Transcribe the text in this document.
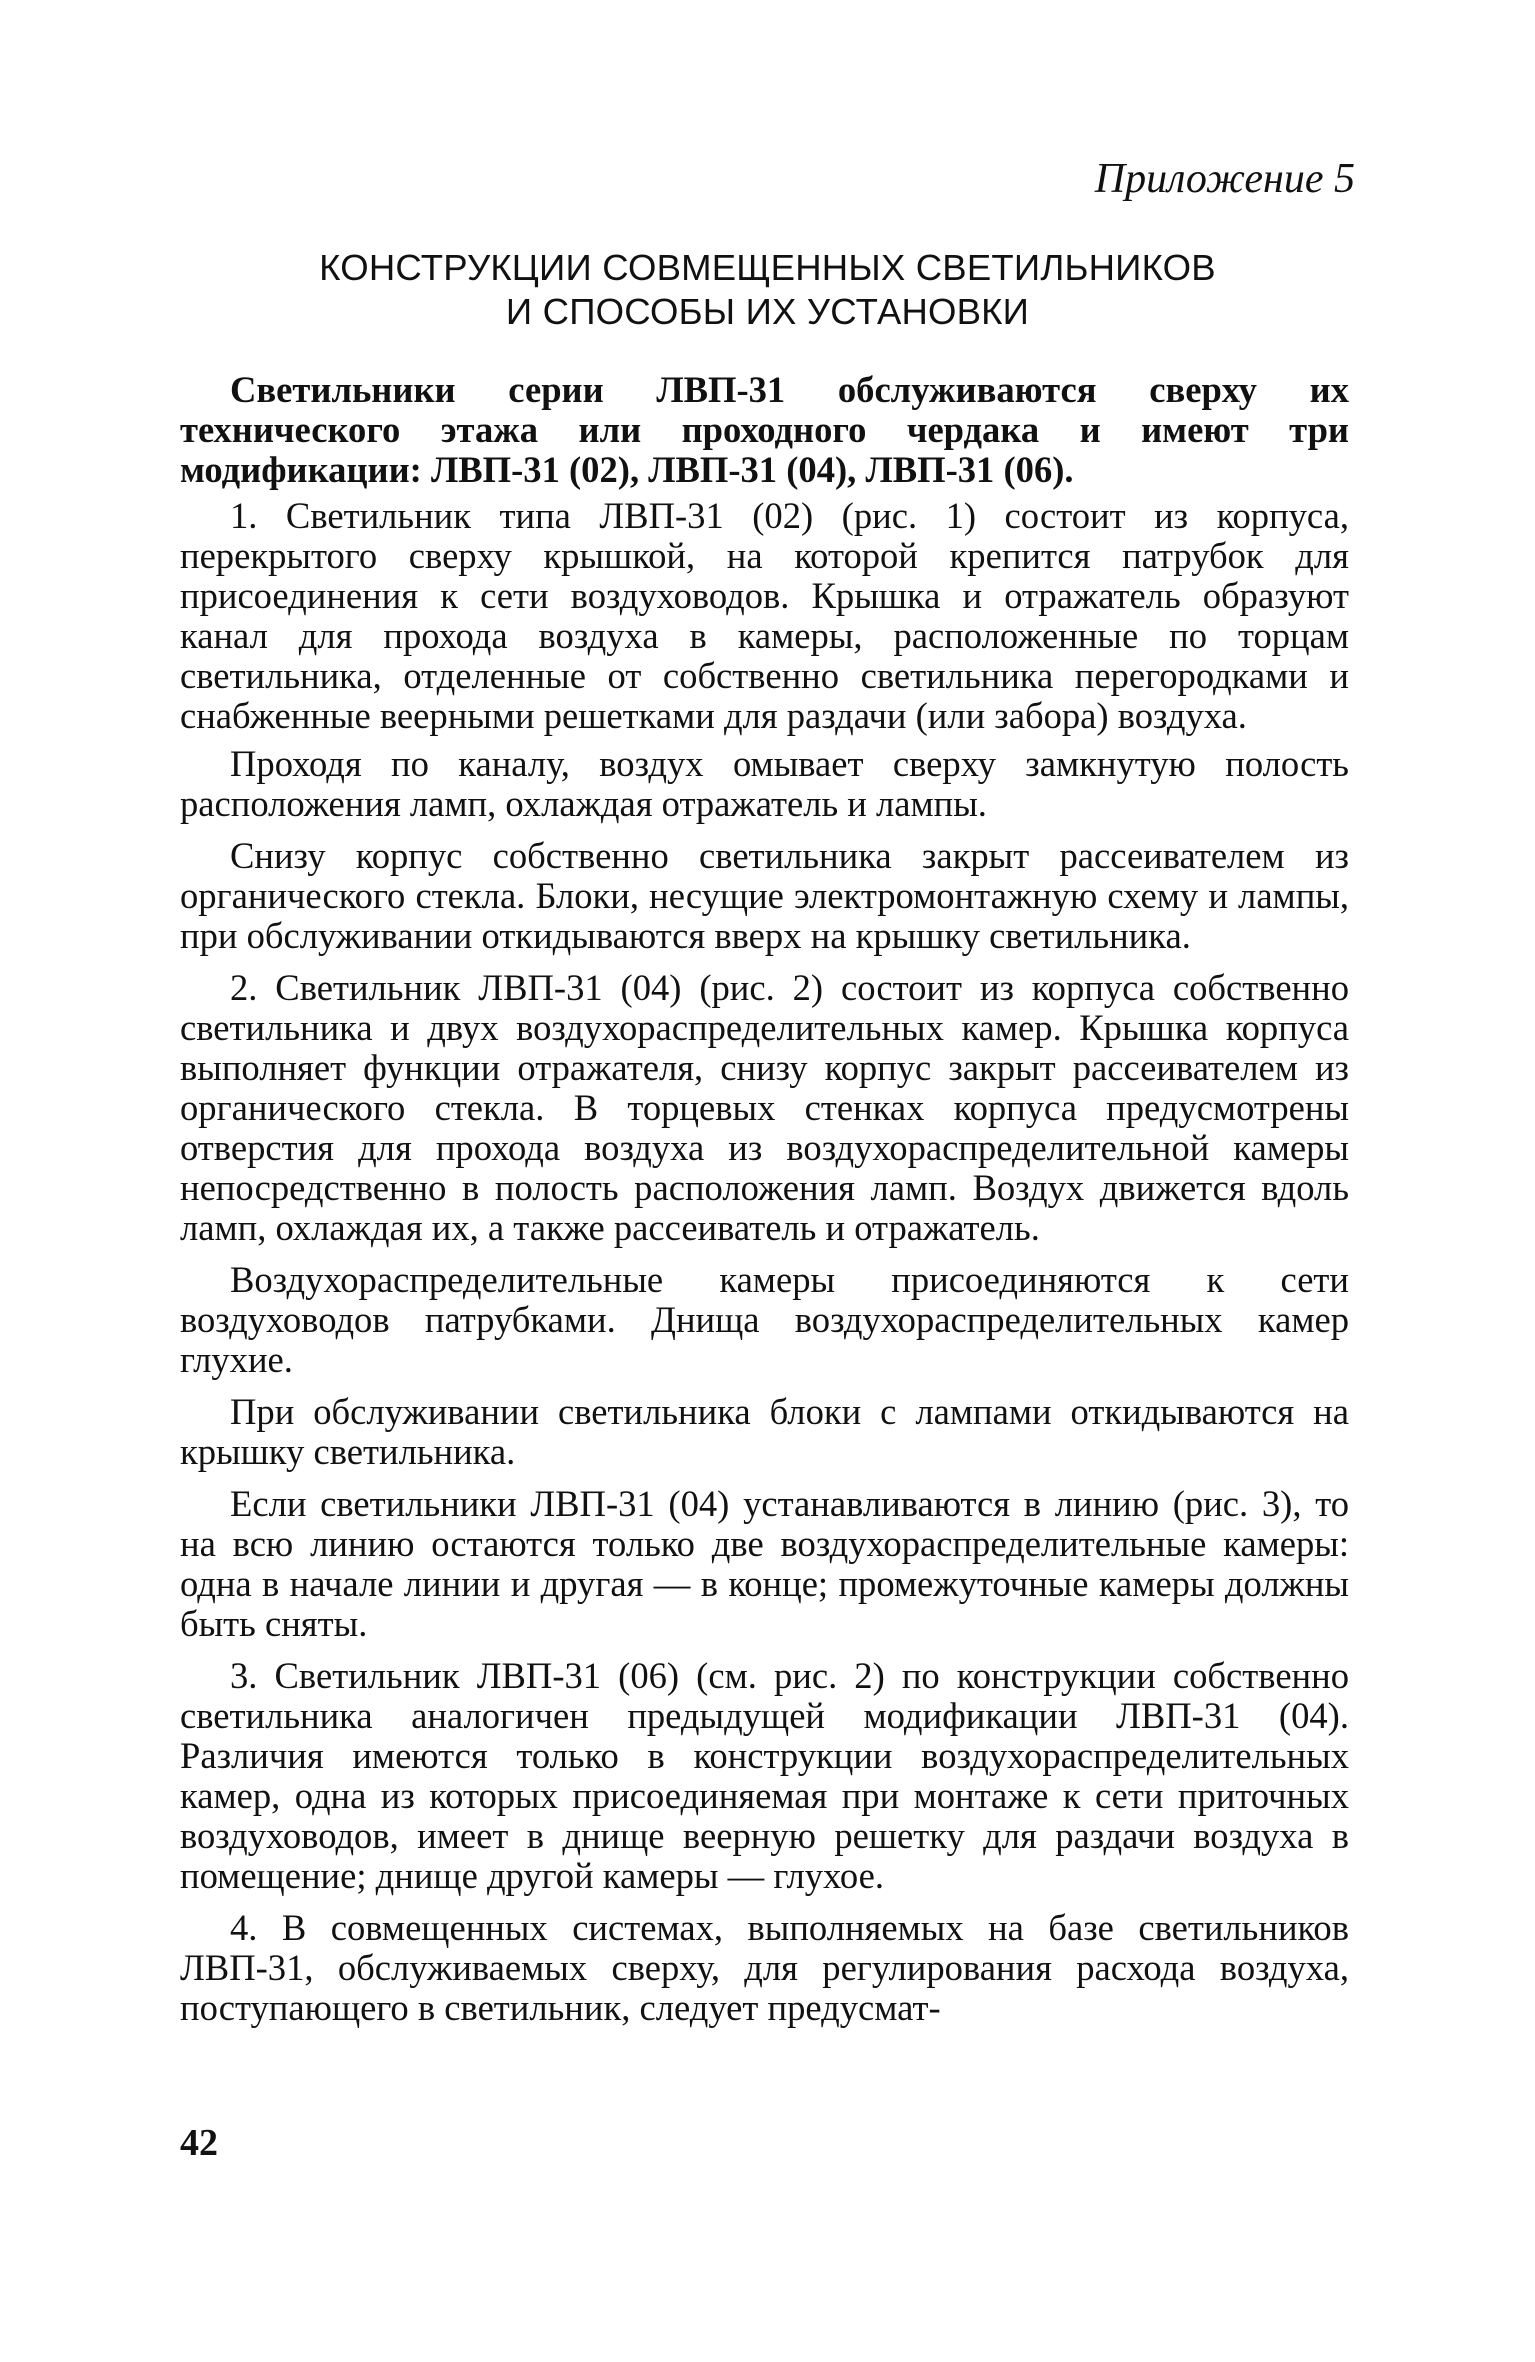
Приложение 5
КОНСТРУКЦИИ СОВМЕЩЕННЫХ СВЕТИЛЬНИКОВ
И СПОСОБЫ ИХ УСТАНОВКИ

Светильники серии ЛВП-31 обслуживаются сверху их технического этажа или проходного чердака и имеют три модификации: ЛВП-31 (02), ЛВП-31 (04), ЛВП-31 (06).

1. Светильник типа ЛВП-31 (02) (рис. 1) состоит из корпуса, перекрытого сверху крышкой, на которой крепится патрубок для присоединения к сети воздуховодов. Крышка и отражатель образуют канал для прохода воздуха в камеры, расположенные по торцам светильника, отделенные от собственно светильника перегородками и снабженные веерными решетками для раздачи (или забора) воздуха.

Проходя по каналу, воздух омывает сверху замкнутую полость расположения ламп, охлаждая отражатель и лампы.

Снизу корпус собственно светильника закрыт рассеивателем из органического стекла. Блоки, несущие электромонтажную схему и лампы, при обслуживании откидываются вверх на крышку светильника.

2. Светильник ЛВП-31 (04) (рис. 2) состоит из корпуса собственно светильника и двух воздухораспределительных камер. Крышка корпуса выполняет функции отражателя, снизу корпус закрыт рассеивателем из органического стекла. В торцевых стенках корпуса предусмотрены отверстия для прохода воздуха из воздухораспределительной камеры непосредственно в полость расположения ламп. Воздух движется вдоль ламп, охлаждая их, а также рассеиватель и отражатель.

Воздухораспределительные камеры присоединяются к сети воздуховодов патрубками. Днища воздухораспределительных камер глухие.

При обслуживании светильника блоки с лампами откидываются на крышку светильника.

Если светильники ЛВП-31 (04) устанавливаются в линию (рис. 3), то на всю линию остаются только две воздухораспределительные камеры: одна в начале линии и другая — в конце; промежуточные камеры должны быть сняты.

3. Светильник ЛВП-31 (06) (см. рис. 2) по конструкции собственно светильника аналогичен предыдущей модификации ЛВП-31 (04). Различия имеются только в конструкции воздухораспределительных камер, одна из которых присоединяемая при монтаже к сети приточных воздуховодов, имеет в днище веерную решетку для раздачи воздуха в помещение; днище другой камеры — глухое.

4. В совмещенных системах, выполняемых на базе светильников ЛВП-31, обслуживаемых сверху, для регулирования расхода воздуха, поступающего в светильник, следует предусмат-

42
